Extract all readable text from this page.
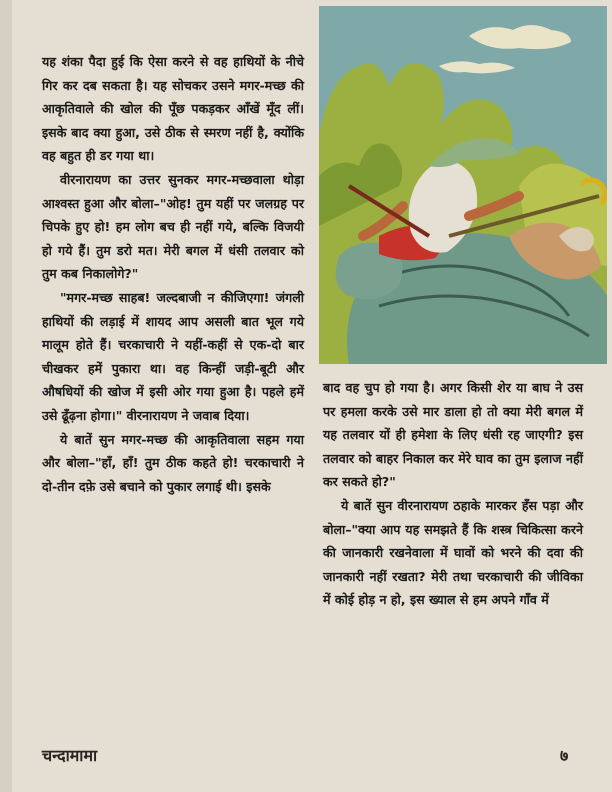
यह शंका पैदा हुई कि ऐसा करने से वह हाथियों के नीचे गिर कर दब सकता है। यह सोचकर उसने मगर-मच्छ की आकृतिवाले की खोल की पूँछ पकड़कर आँखें मूँद लीं। इसके बाद क्या हुआ, उसे ठीक से स्मरण नहीं है, क्योंकि वह बहुत ही डर गया था।

वीरनारायण का उत्तर सुनकर मगर-मच्छवाला थोड़ा आश्वस्त हुआ और बोला–"ओह! तुम यहीं पर जलग्रह पर चिपके हुए हो! हम लोग बच ही नहीं गये, बल्कि विजयी हो गये हैं। तुम डरो मत। मेरी बगल में धंसी तलवार को तुम कब निकालोगे?"

"मगर-मच्छ साहब! जल्दबाजी न कीजिएगा! जंगली हाथियों की लड़ाई में शायद आप असली बात भूल गये मालूम होते हैं। चरकाचारी ने यहीं-कहीं से एक-दो बार चीखकर हमें पुकारा था। वह किन्हीं जड़ी-बूटी और औषधियों की खोज में इसी ओर गया हुआ है। पहले हमें उसे ढूँढ़ना होगा।" वीरनारायण ने जवाब दिया।

ये बातें सुन मगर-मच्छ की आकृतिवाला सहम गया और बोला–"हाँ, हाँ! तुम ठीक कहते हो! चरकाचारी ने दो-तीन दफ़े उसे बचाने को पुकार लगाई थी। इसके

बाद वह चुप हो गया है। अगर किसी शेर या बाघ ने उस पर हमला करके उसे मार डाला हो तो क्या मेरी बगल में यह तलवार यों ही हमेशा के लिए धंसी रह जाएगी? इस तलवार को बाहर निकाल कर मेरे घाव का तुम इलाज नहीं कर सकते हो?"

ये बातें सुन वीरनारायण ठहाके मारकर हँस पड़ा और बोला–"क्या आप यह समझते हैं कि शस्त्र चिकित्सा करने की जानकारी रखनेवाला में घावों को भरने की दवा की जानकारी नहीं रखता? मेरी तथा चरकाचारी की जीविका में कोई होड़ न हो, इस ख्याल से हम अपने गाँव में

चन्दामामा	७
